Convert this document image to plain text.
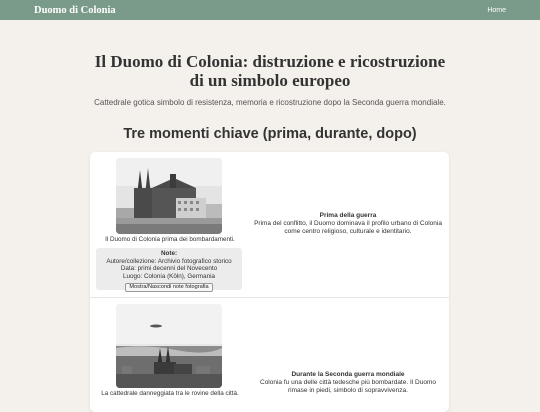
Duomo di Colonia	Home
Il Duomo di Colonia: distruzione e ricostruzione
di un simbolo europeo

Cattedrale gotica simbolo di resistenza, memoria e ricostruzione dopo la Seconda guerra mondiale.

Tre momenti chiave (prima, durante, dopo)
Il Duomo di Colonia prima dei bombardamenti.
Note:
Autore/collezione: Archivio fotografico storico
Data: primi decenni del Novecento
Luogo: Colonia (Köln), Germania
Mostra/Nascondi note fotografia
Prima della guerra
Prima del conflitto, il Duomo dominava il profilo urbano di Colonia come centro religioso, culturale e identitario.
La cattedrale danneggiata tra le rovine della città.
Durante la Seconda guerra mondiale
Colonia fu una delle città tedesche più bombardate. Il Duomo rimase in piedi, simbolo di sopravvivenza.
